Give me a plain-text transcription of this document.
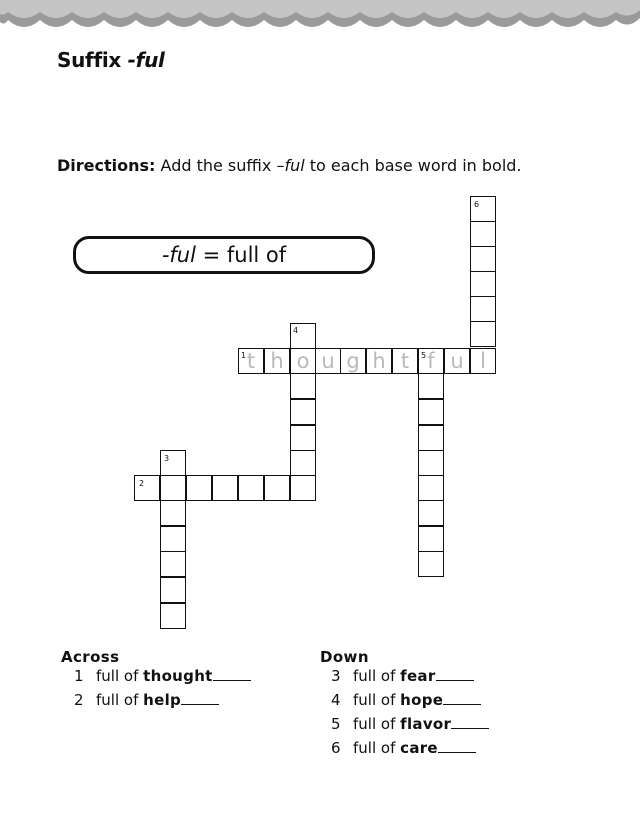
Suffix -ful
Directions: Add the suffix –ful to each base word in bold.
-ful = full of
6
4
1	5
3
2
t h o u g h t f u l
Across
1 full of thought
2 full of help
Down
3 full of fear
4 full of hope
5 full of flavor
6 full of care
